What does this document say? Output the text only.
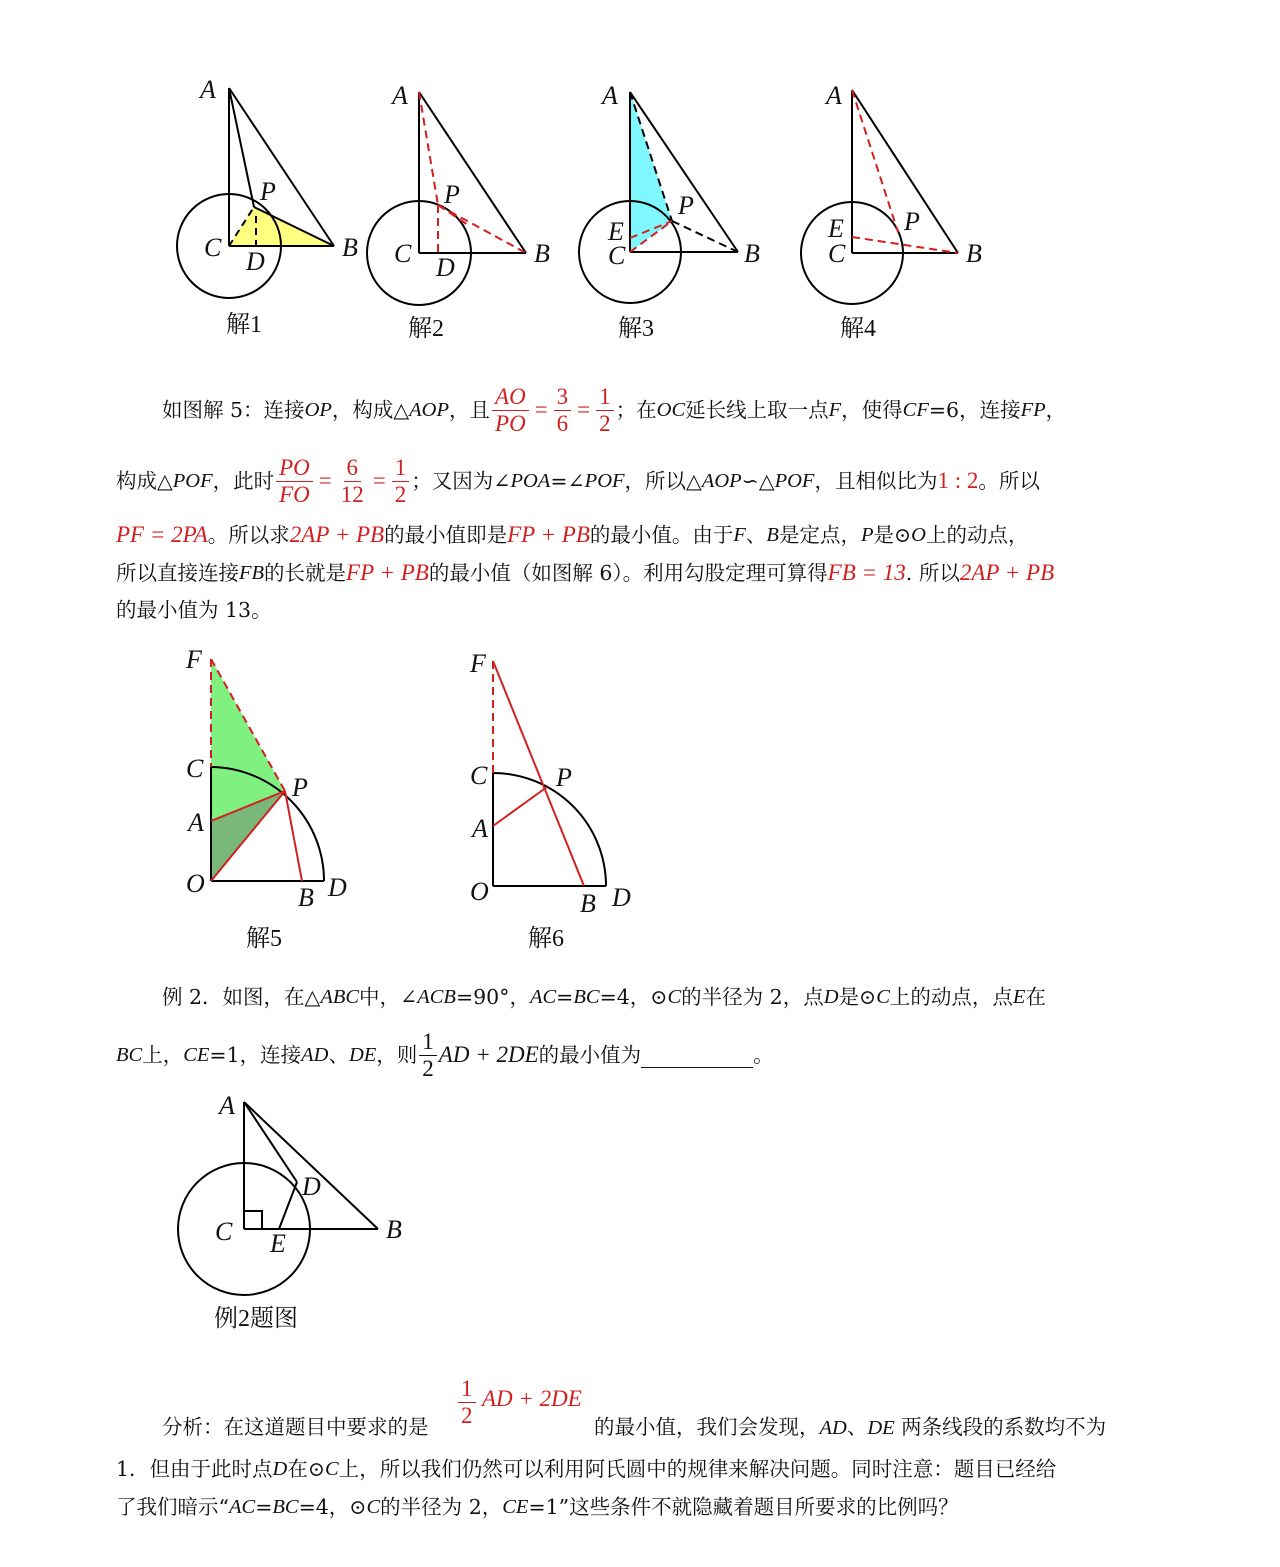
A
P
C D	B
解1
A
P
C D	B
解2
A
P
E
C	B
解3
A
P
E
C	B
解4
如图解 5：连接 OP ，构成△ AOP ，且 $\frac{AO}{PO} = \frac{3}{6} = \frac{1}{2}$ ；在 OC 延长线上取一点 F ，使得 CF =6，连接 FP ，
构成△ POF ，此时 $\frac{PO}{FO} = \frac{6}{12} = \frac{1}{2}$ ；又因为∠ POA =∠ POF ，所以△ AOP ∽△ POF ，且相似比为 1 : 2 。所以
PF = 2PA 。所以求 2AP + PB 的最小值即是 FP + PB 的最小值。由于 F 、 B 是定点， P 是⊙ O 上的动点，
所以直接连接 FB 的长就是 FP + PB 的最小值（如图解 6）。利用勾股定理可算得 FB = 13 . 所以 2AP + PB
的最小值为 13。
F
C
P
A
O	B D
解5
F
C	P
A
O	B D
解6
例 2．如图，在△ ABC 中，∠ ACB =90°， AC = BC =4，⊙ C 的半径为 2，点 D 是⊙ C 上的动点，点 E 在
BC 上， CE =1，连接 AD 、 DE ，则 $\frac{1}{2}$ AD + 2DE 的最小值为	。
A
D
C E	B
例2题图
分析：在这道题目中要求的是 $\frac{1}{2}$ AD + 2DE
的最小值，我们会发现，AD、DE 两条线段的系数均不为
1．但由于此时点 D 在⊙ C 上，所以我们仍然可以利用阿氏圆中的规律来解决问题。同时注意：题目已经给
了我们暗示“ AC = BC =4，⊙ C 的半径为 2， CE =1”这些条件不就隐藏着题目所要求的比例吗？
